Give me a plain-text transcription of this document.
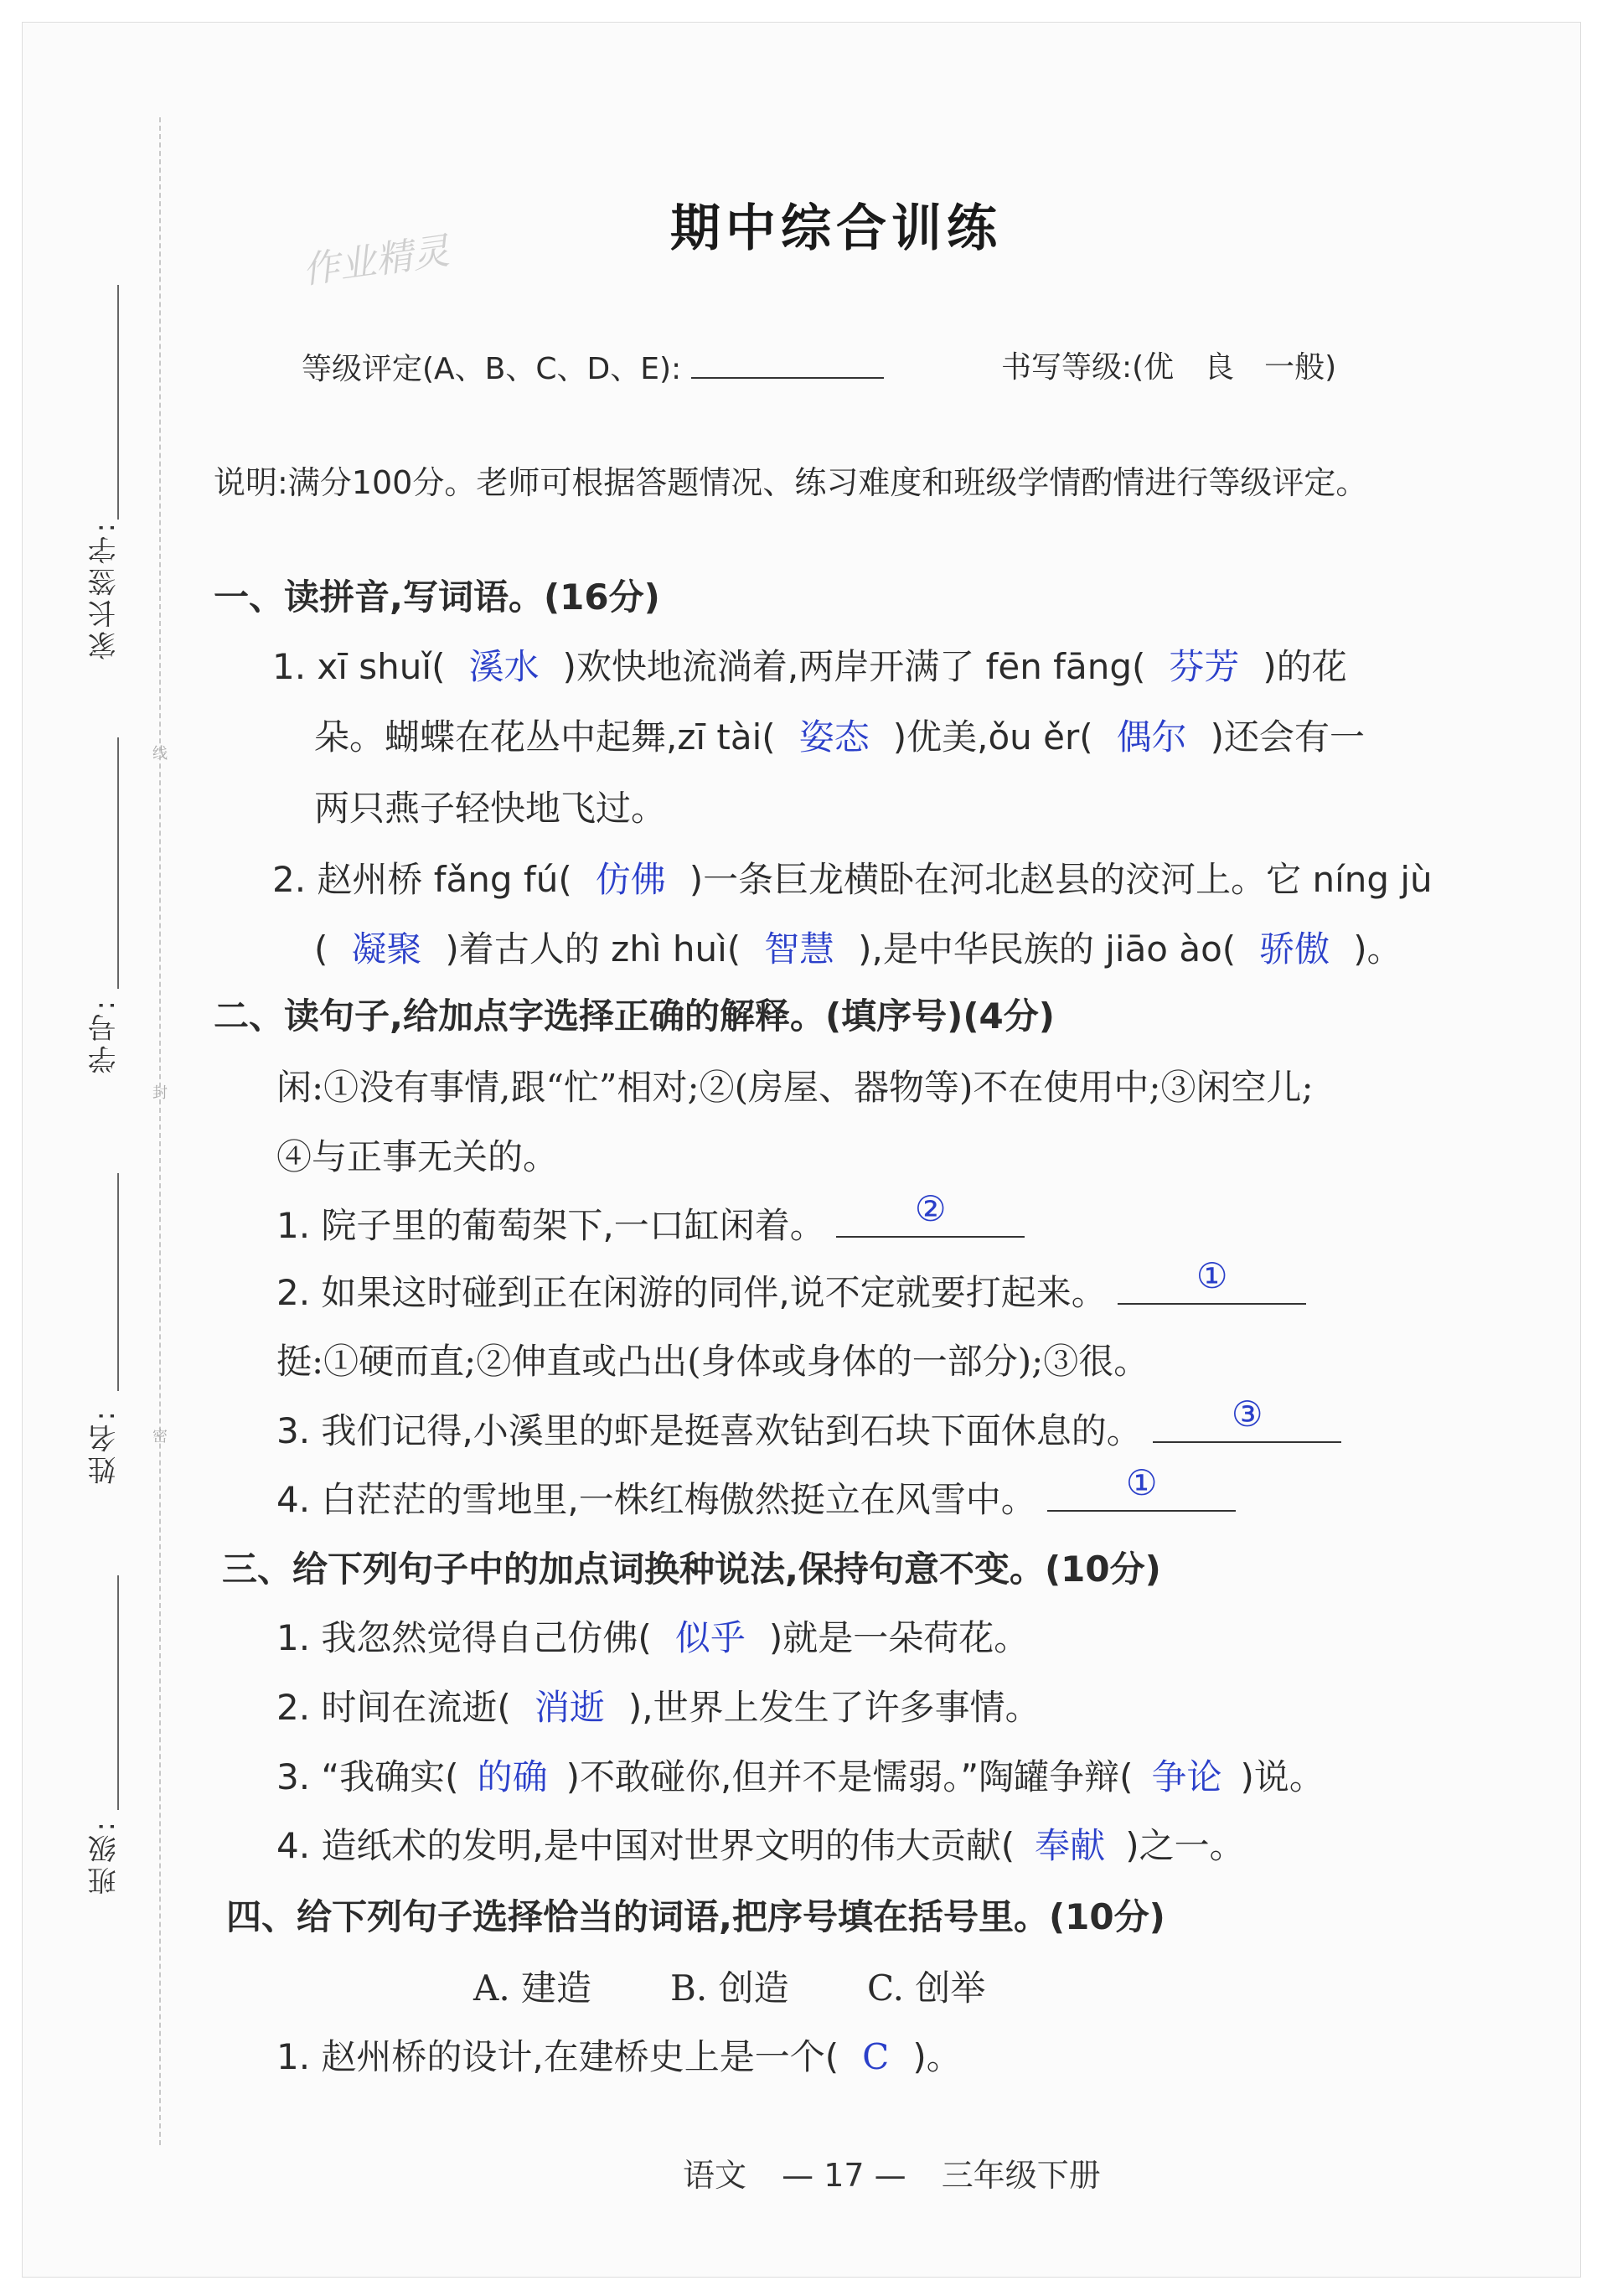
家长签字:
学号:
姓名:
班级:
线
封
密
作业精灵
期中综合训练
等级评定(A、B、C、D、E):	书写等级:(优　良　一般)
说明:满分100分。老师可根据答题情况、练习难度和班级学情酌情进行等级评定。
一、读拼音,写词语。(16分)
1. xī shuǐ( 溪水 )欢快地流淌着,两岸开满了 fēn fāng( 芬芳 )的花
朵。蝴蝶在花丛中起舞,zī tài( 姿态 )优美,ǒu ěr( 偶尔 )还会有一
两只燕子轻快地飞过。
2. 赵州桥 fǎng fú( 仿佛 )一条巨龙横卧在河北赵县的洨河上。它 níng jù
( 凝聚 )着古人的 zhì huì( 智慧 ),是中华民族的 jiāo ào( 骄傲 )。
二、读句子,给加点字选择正确的解释。(填序号)(4分)
闲:①没有事情,跟“忙”相对;②(房屋、器物等)不在使用中;③闲空儿;
④与正事无关的。
1. 院子里的葡萄架下,一口缸闲着。	②
2. 如果这时碰到正在闲游的同伴,说不定就要打起来。	①
挺:①硬而直;②伸直或凸出(身体或身体的一部分);③很。
3. 我们记得,小溪里的虾是挺喜欢钻到石块下面休息的。	③
4. 白茫茫的雪地里,一株红梅傲然挺立在风雪中。	①
三、给下列句子中的加点词换种说法,保持句意不变。(10分)
1. 我忽然觉得自己仿佛( 似乎 )就是一朵荷花。
2. 时间在流逝( 消逝 ),世界上发生了许多事情。
3. “我确实( 的确 )不敢碰你,但并不是懦弱。”陶罐争辩( 争论 )说。
4. 造纸术的发明,是中国对世界文明的伟大贡献( 奉献 )之一。
四、给下列句子选择恰当的词语,把序号填在括号里。(10分)
A. 建造 B. 创造 C. 创举
1. 赵州桥的设计,在建桥史上是一个( C )。
语文 — 17 — 三年级下册
